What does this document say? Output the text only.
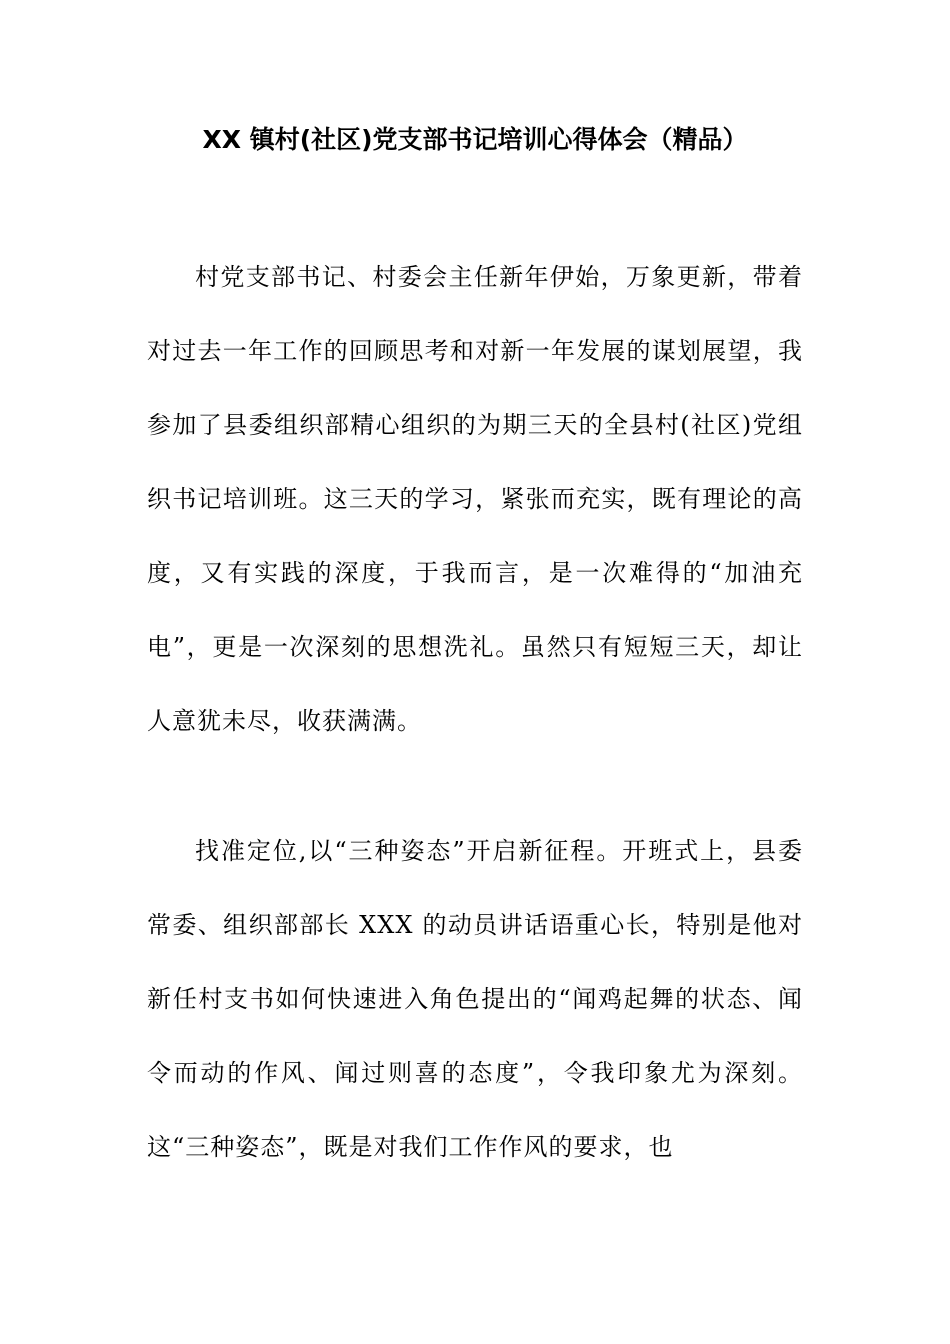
XX 镇村(社区)党支部书记培训心得体会（精品）

村党支部书记、村委会主任新年伊始，万象更新，带着对过去一年工作的回顾思考和对新一年发展的谋划展望，我参加了县委组织部精心组织的为期三天的全县村(社区)党组织书记培训班。这三天的学习，紧张而充实，既有理论的高度，又有实践的深度，于我而言，是一次难得的“加油充电”，更是一次深刻的思想洗礼。虽然只有短短三天，却让人意犹未尽，收获满满。

找准定位,以“三种姿态”开启新征程。开班式上，县委常委、组织部部长 XXX 的动员讲话语重心长，特别是他对新任村支书如何快速进入角色提出的“闻鸡起舞的状态、闻令而动的作风、闻过则喜的态度”，令我印象尤为深刻。这“三种姿态”，既是对我们工作作风的要求，也
